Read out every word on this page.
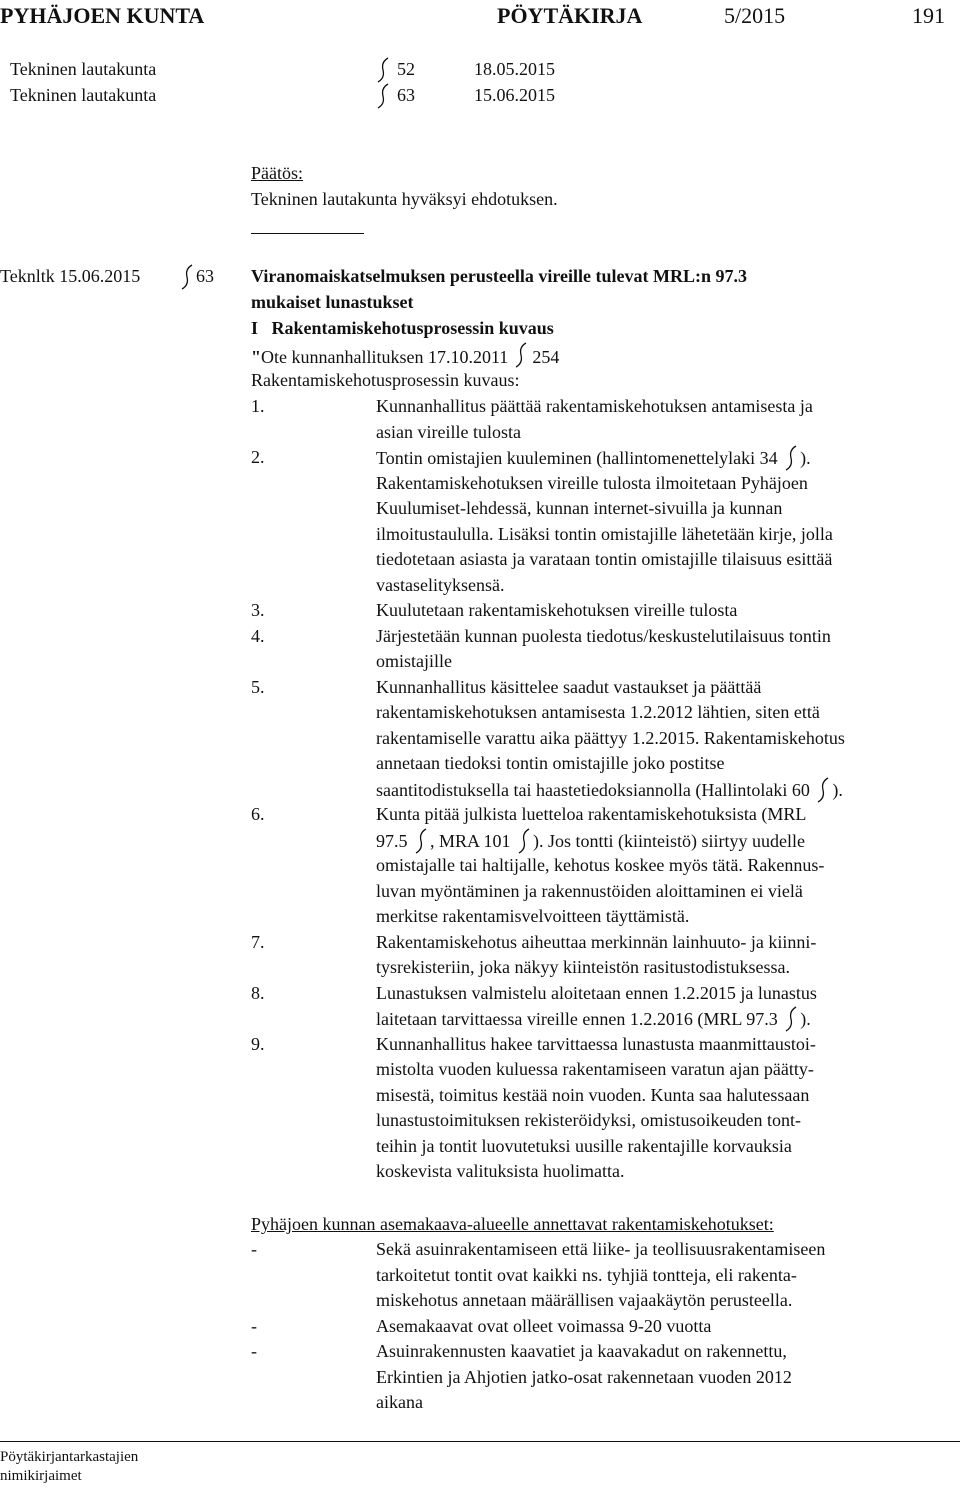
PYHÄJOEN KUNTA	PÖYTÄKIRJA	5/2015	191
Tekninen lautakunta	52	18.05.2015
Tekninen lautakunta	63	15.06.2015
Päätös:
Tekninen lautakunta hyväksyi ehdotuksen.
Teknltk 15.06.2015	63 Viranomaiskatselmuksen perusteella vireille tulevat MRL:n 97.3
mukaiset lunastukset
I   Rakentamiskehotusprosessin kuvaus
"Ote kunnanhallituksen 17.10.2011 254
Rakentamiskehotusprosessin kuvaus:
1.	Kunnanhallitus päättää rakentamiskehotuksen antamisesta ja
asian vireille tulosta
2.	Tontin omistajien kuuleminen (hallintomenettelylaki 34
).
Rakentamiskehotuksen vireille tulosta ilmoitetaan Pyhäjoen
Kuulumiset-lehdessä, kunnan internet-sivuilla ja kunnan
ilmoitustaululla. Lisäksi tontin omistajille lähetetään kirje, jolla
tiedotetaan asiasta ja varataan tontin omistajille tilaisuus esittää
vastaselityksensä.
3.	Kuulutetaan rakentamiskehotuksen vireille tulosta
4.	Järjestetään kunnan puolesta tiedotus/keskustelutilaisuus tontin
omistajille
5.	Kunnanhallitus käsittelee saadut vastaukset ja päättää
rakentamiskehotuksen antamisesta 1.2.2012 lähtien, siten että
rakentamiselle varattu aika päättyy 1.2.2015. Rakentamiskehotus
annetaan tiedoksi tontin omistajille joko postitse
saantitodistuksella tai haastetiedoksiannolla (Hallintolaki 60
).
6.	Kunta pitää julkista luetteloa rakentamiskehotuksista (MRL
97.5
, MRA 101
). Jos tontti (kiinteistö) siirtyy uudelle
omistajalle tai haltijalle, kehotus koskee myös tätä. Rakennus-
luvan myöntäminen ja rakennustöiden aloittaminen ei vielä
merkitse rakentamisvelvoitteen täyttämistä.
7.	Rakentamiskehotus aiheuttaa merkinnän lainhuuto- ja kiinni-
tysrekisteriin, joka näkyy kiinteistön rasitustodistuksessa.
8.	Lunastuksen valmistelu aloitetaan ennen 1.2.2015 ja lunastus
laitetaan tarvittaessa vireille ennen 1.2.2016 (MRL 97.3
).
9.	Kunnanhallitus hakee tarvittaessa lunastusta maanmittaustoi-
mistolta vuoden kuluessa rakentamiseen varatun ajan päätty-
misestä, toimitus kestää noin vuoden. Kunta saa halutessaan
lunastustoimituksen rekisteröidyksi, omistusoikeuden tont-
teihin ja tontit luovutetuksi uusille rakentajille korvauksia
koskevista valituksista huolimatta.
Pyhäjoen kunnan asemakaava-alueelle annettavat rakentamiskehotukset:
-	Sekä asuinrakentamiseen että liike- ja teollisuusrakentamiseen
tarkoitetut tontit ovat kaikki ns. tyhjiä tontteja, eli rakenta-
miskehotus annetaan määrällisen vajaakäytön perusteella.
-	Asemakaavat ovat olleet voimassa 9-20 vuotta
-	Asuinrakennusten kaavatiet ja kaavakadut on rakennettu,
Erkintien ja Ahjotien jatko-osat rakennetaan vuoden 2012
aikana
Pöytäkirjantarkastajien
nimikirjaimet
